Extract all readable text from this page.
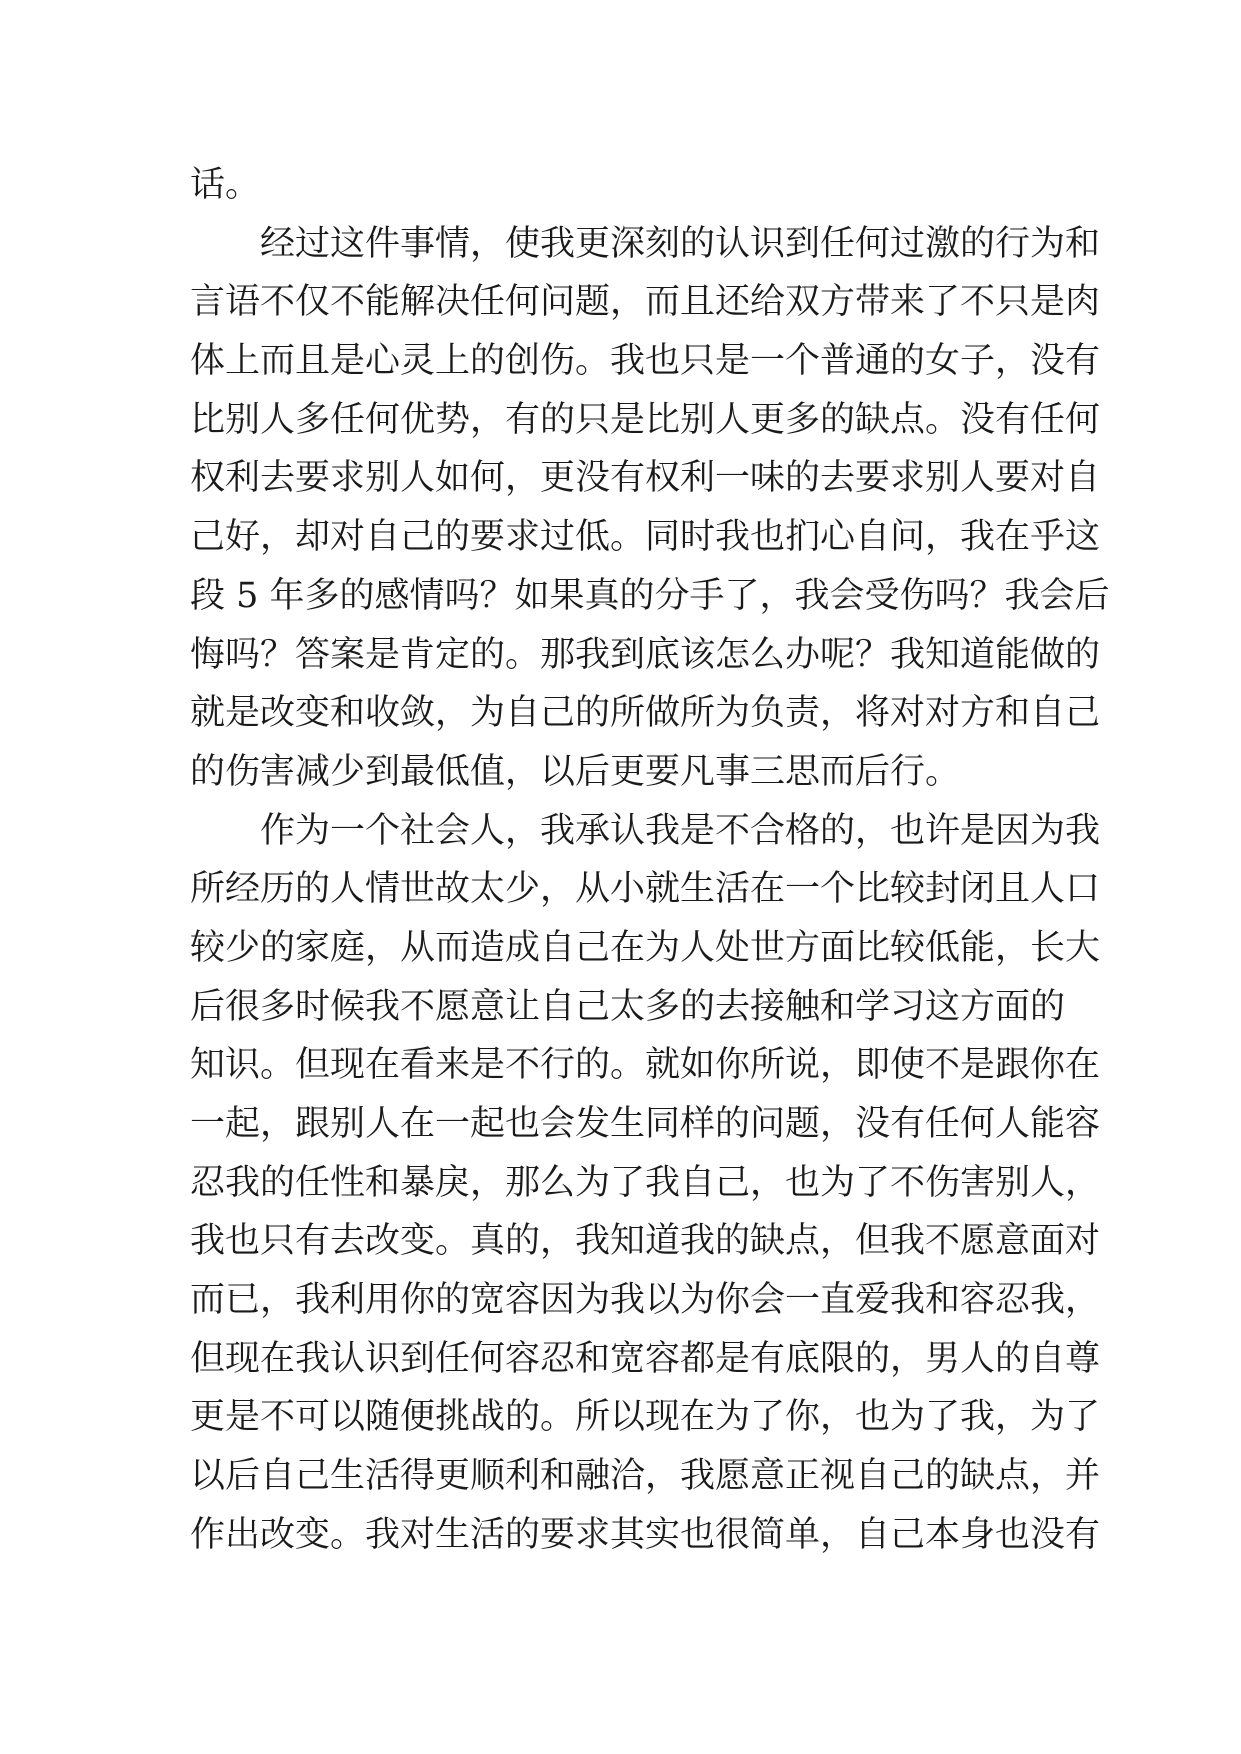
话。
经过这件事情，使我更深刻的认识到任何过激的行为和
言语不仅不能解决任何问题，而且还给双方带来了不只是肉
体上而且是心灵上的创伤。我也只是一个普通的女子，没有
比别人多任何优势，有的只是比别人更多的缺点。没有任何
权利去要求别人如何，更没有权利一味的去要求别人要对自
己好，却对自己的要求过低。同时我也扪心自问，我在乎这
段 5 年多的感情吗？如果真的分手了，我会受伤吗？我会后
悔吗？答案是肯定的。那我到底该怎么办呢？我知道能做的
就是改变和收敛，为自己的所做所为负责，将对对方和自己
的伤害减少到最低值，以后更要凡事三思而后行。
作为一个社会人，我承认我是不合格的，也许是因为我
所经历的人情世故太少，从小就生活在一个比较封闭且人口
较少的家庭，从而造成自己在为人处世方面比较低能，长大
后很多时候我不愿意让自己太多的去接触和学习这方面的
知识。但现在看来是不行的。就如你所说，即使不是跟你在
一起，跟别人在一起也会发生同样的问题，没有任何人能容
忍我的任性和暴戾，那么为了我自己，也为了不伤害别人，
我也只有去改变。真的，我知道我的缺点，但我不愿意面对
而已，我利用你的宽容因为我以为你会一直爱我和容忍我，
但现在我认识到任何容忍和宽容都是有底限的，男人的自尊
更是不可以随便挑战的。所以现在为了你，也为了我，为了
以后自己生活得更顺利和融洽，我愿意正视自己的缺点，并
作出改变。我对生活的要求其实也很简单，自己本身也没有
